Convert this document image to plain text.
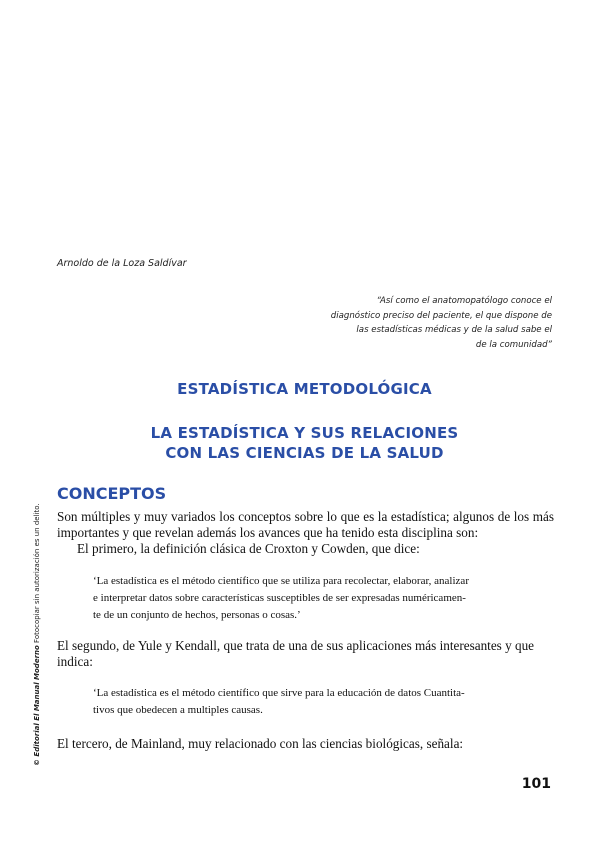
Arnoldo de la Loza Saldívar
“Así como el anatomopatólogo conoce el
diagnóstico preciso del paciente, el que dispone de
las estadísticas médicas y de la salud sabe el
de la comunidad”
ESTADÍSTICA METODOLÓGICA
LA ESTADÍSTICA Y SUS RELACIONES
CON LAS CIENCIAS DE LA SALUD
CONCEPTOS
Son múltiples y muy variados los conceptos sobre lo que es la estadística; algunos de los más importantes y que revelan además los avances que ha tenido esta disciplina son:
El primero, la definición clásica de Croxton y Cowden, que dice:
‘La estadística es el método científico que se utiliza para recolectar, elaborar, analizar
e interpretar datos sobre características susceptibles de ser expresadas numéricamen-
te de un conjunto de hechos, personas o cosas.’
El segundo, de Yule y Kendall, que trata de una de sus aplicaciones más interesantes y que indica:
‘La estadística es el método científico que sirve para la educación de datos Cuantita-
tivos que obedecen a multiples causas.
El tercero, de Mainland, muy relacionado con las ciencias biológicas, señala:
101
© Editorial El Manual Moderno Fotocopiar sin autorización es un delito.
